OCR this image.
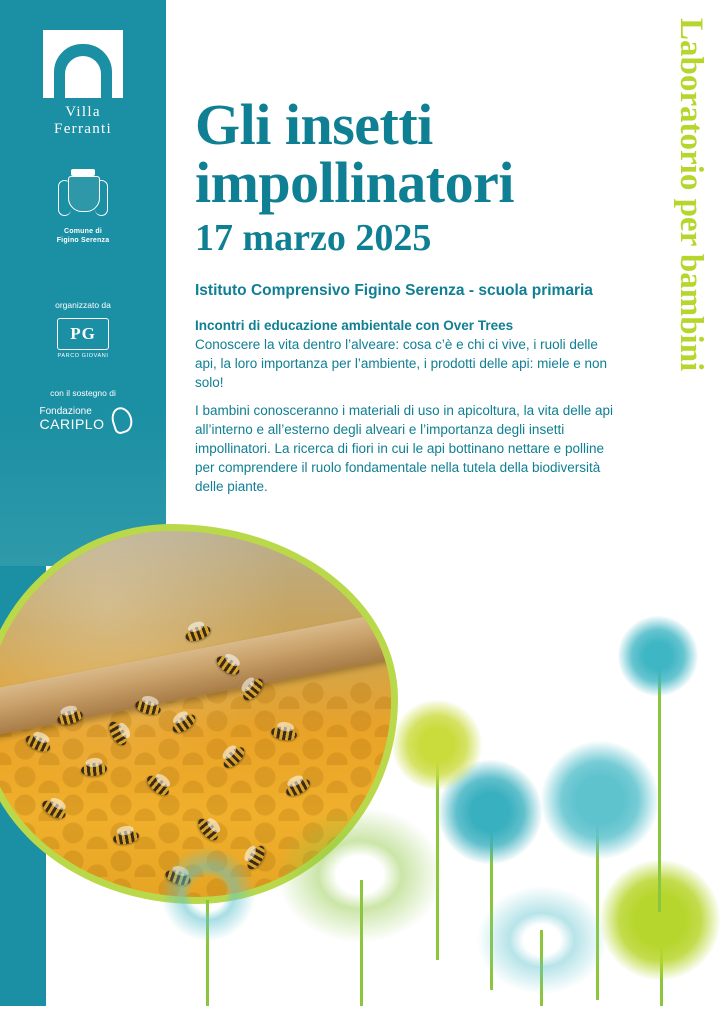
Villa
Ferranti
Comune di
Figino Serenza
organizzato da
PG
PARCO GIOVANI
con il sostegno di
Fondazione
CARIPLO
Gli insetti
impollinatori
17 marzo 2025
Istituto Comprensivo Figino Serenza - scuola primaria
Incontri di educazione ambientale con Over Trees
Conoscere la vita dentro l’alveare: cosa c’è e chi ci vive, i ruoli delle api, la loro importanza per l’ambiente, i prodotti delle api: miele e non solo!
I bambini conosceranno i materiali di uso in apicoltura, la vita delle api all’interno e all’esterno degli alveari e l’importanza degli insetti impollinatori. La ricerca di fiori in cui le api bottinano nettare e polline per comprendere il ruolo fondamentale nella tutela della biodiversità delle piante.
Laboratorio per bambini
